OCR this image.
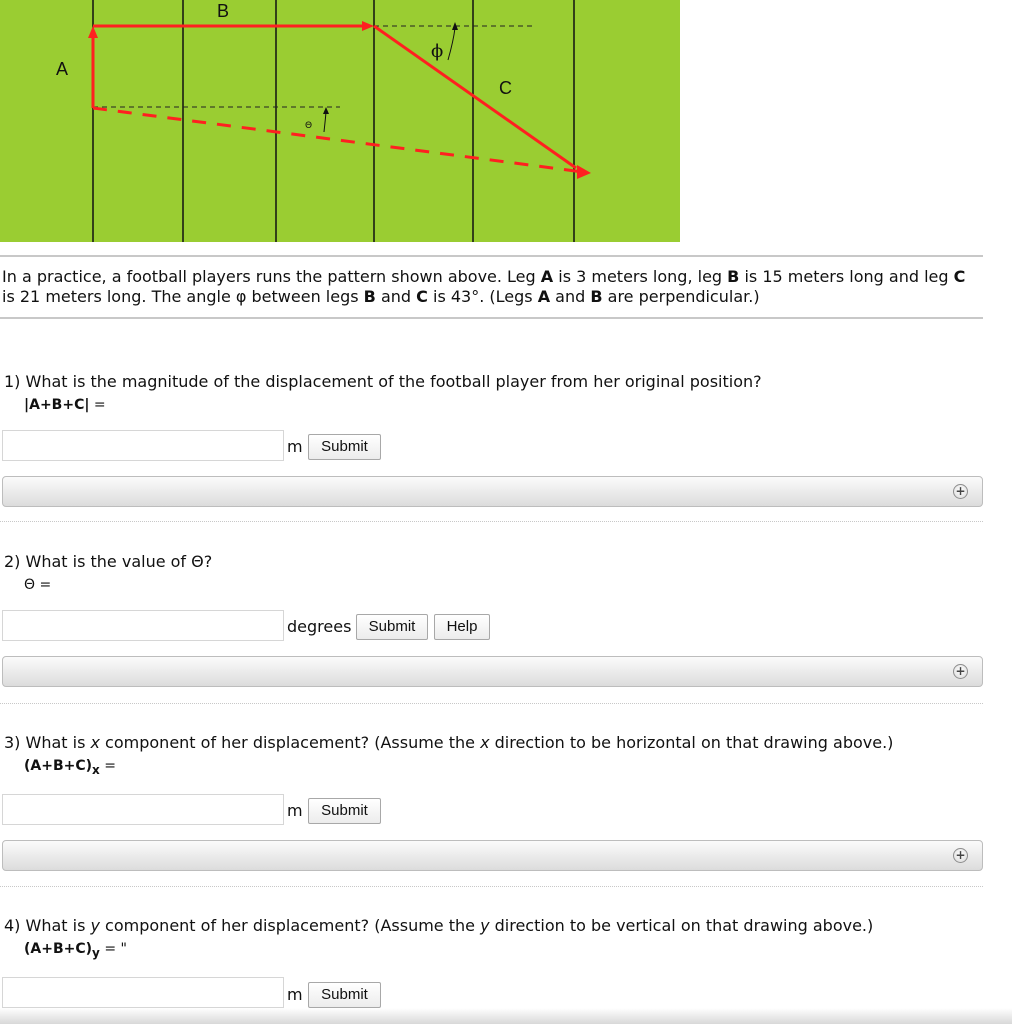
A
B
C
ϕ
Θ
In a practice, a football players runs the pattern shown above. Leg A is 3 meters long, leg B is 15 meters long and leg C is 21 meters long. The angle φ between legs B and C is 43°. (Legs A and B are perpendicular.)
1) What is the magnitude of the displacement of the football player from her original position?
|A+B+C| =
m	Submit
+
2) What is the value of Θ?
Θ =
degrees	Submit	Help
+
3) What is x component of her displacement? (Assume the x direction to be horizontal on that drawing above.)
$(A+B+C)_x$ =
m	Submit
+
4) What is y component of her displacement? (Assume the y direction to be vertical on that drawing above.)
$(A+B+C)_y$ = "
m	Submit
